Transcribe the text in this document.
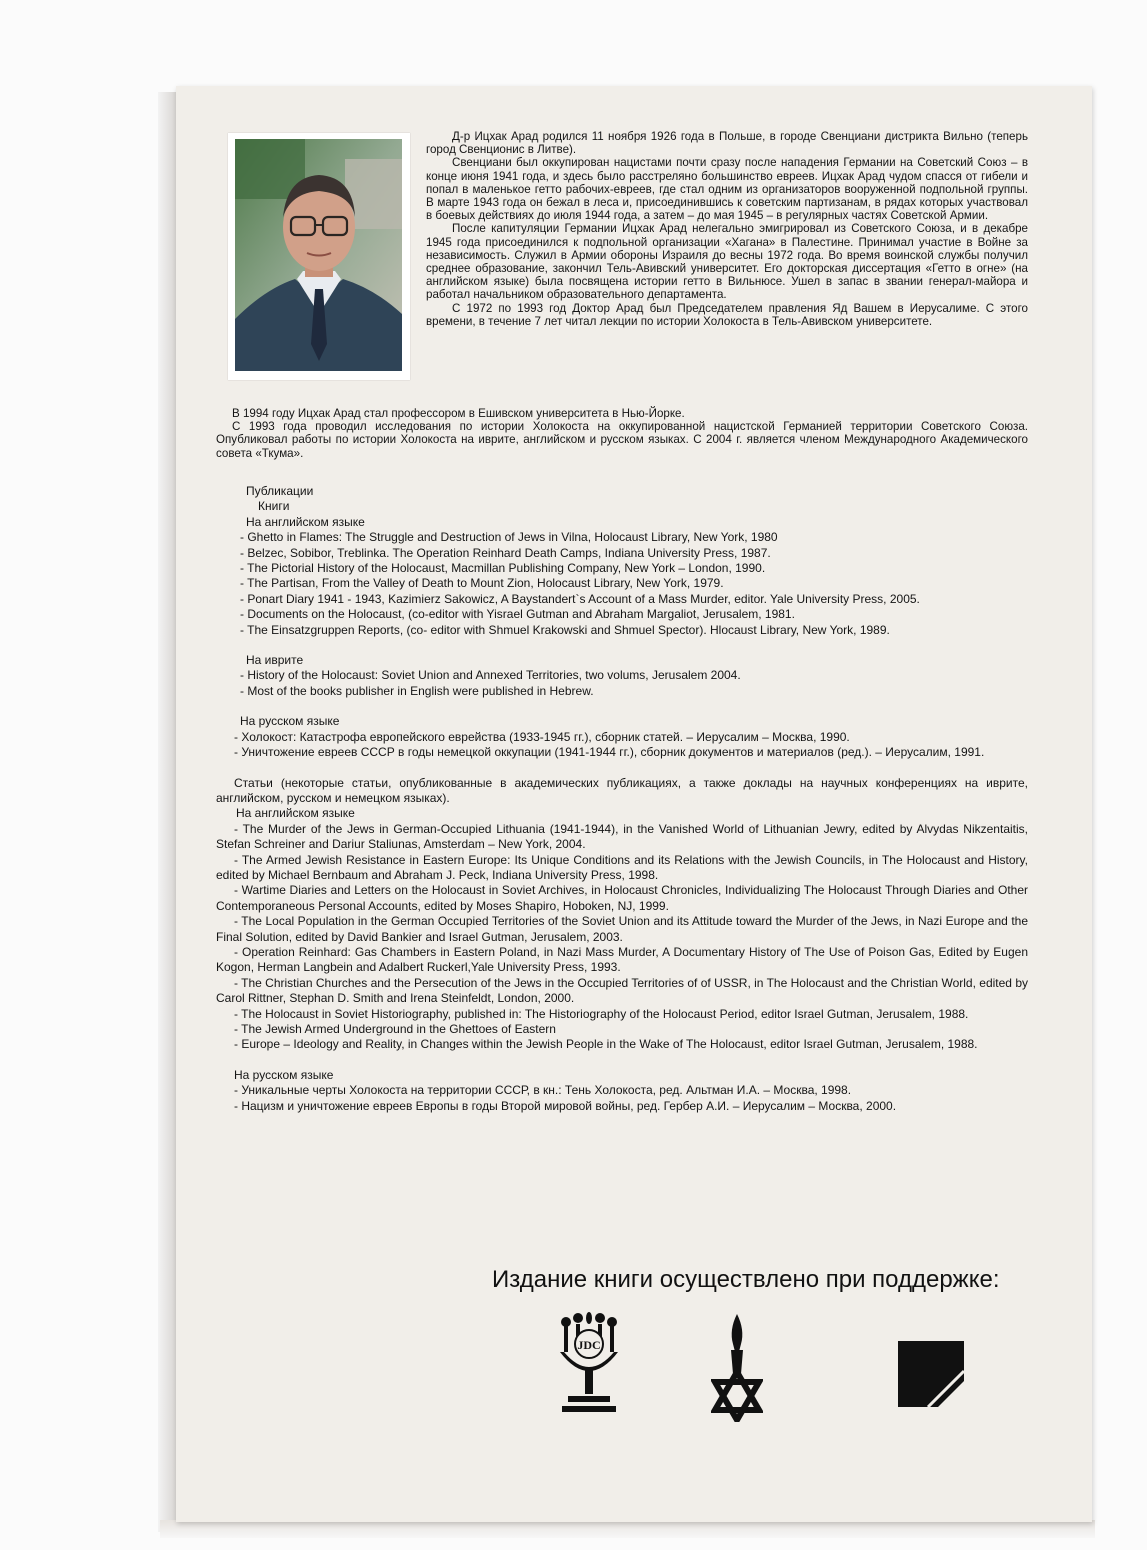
Д-р Ицхак Арад родился 11 ноября 1926 года в Польше, в городе Свенциани дистрикта Вильно (теперь город Свенционис в Литве).

Свенциани был оккупирован нацистами почти сразу после нападения Германии на Советский Союз – в конце июня 1941 года, и здесь было расстреляно большинство евреев. Ицхак Арад чудом спасся от гибели и попал в маленькое гетто рабочих-евреев, где стал одним из организаторов вооруженной подпольной группы. В марте 1943 года он бежал в леса и, присоединившись к советским партизанам, в рядах которых участвовал в боевых действиях до июля 1944 года, а затем – до мая 1945 – в регулярных частях Советской Армии.

После капитуляции Германии Ицхак Арад нелегально эмигрировал из Советского Союза, и в декабре 1945 года присоединился к подпольной организации «Хагана» в Палестине. Принимал участие в Войне за независимость. Служил в Армии обороны Израиля до весны 1972 года. Во время воинской службы получил среднее образование, закончил Тель-Авивский университет. Его докторская диссертация «Гетто в огне» (на английском языке) была посвящена истории гетто в Вильнюсе. Ушел в запас в звании генерал-майора и работал начальником образовательного департамента.

С 1972 по 1993 год Доктор Арад был Председателем правления Яд Вашем в Иерусалиме. С этого времени, в течение 7 лет читал лекции по истории Холокоста в Тель-Авивском университете.

В 1994 году Ицхак Арад стал профессором в Ешивском университета в Нью-Йорке.

С 1993 года проводил исследования по истории Холокоста на оккупированной нацистской Германией территории Советского Союза. Опубликовал работы по истории Холокоста на иврите, английском и русском языках. С 2004 г. является членом Международного Академического совета «Ткума».

Публикации
Книги
На английском языке
- Ghetto in Flames: The Struggle and Destruction of Jews in Vilna, Holocaust Library, New York, 1980
- Belzec, Sobibor, Treblinka. The Operation Reinhard Death Camps, Indiana University Press, 1987.
- The Pictorial History of the Holocaust, Macmillan Publishing Company, New York – London, 1990.
- The Partisan, From the Valley of Death to Mount Zion, Holocaust Library, New York, 1979.
- Ponart Diary 1941 - 1943, Kazimierz Sakowicz, A Baystandert`s Account of a Mass Murder, editor. Yale University Press, 2005.
- Documents on the Holocaust, (co-editor with Yisrael Gutman and Abraham Margaliot, Jerusalem, 1981.
- The Einsatzgruppen Reports, (co- editor with Shmuel Krakowski and Shmuel Spector). Hlocaust Library, New York, 1989.
На иврите
- History of the Holocaust: Soviet Union and Annexed Territories, two volums, Jerusalem 2004.
- Most of the books publisher in English were published in Hebrew.
На русском языке
- Холокост: Катастрофа европейского еврейства (1933-1945 гг.), сборник статей. – Иерусалим – Москва, 1990.
- Уничтожение евреев СССР в годы немецкой оккупации (1941-1944 гг.), сборник документов и материалов (ред.). – Иерусалим, 1991.
Статьи (некоторые статьи, опубликованные в академических публикациях, а также доклады на научных конференциях на иврите, английском, русском и немецком языках).
На английском языке
- The Murder of the Jews in German-Occupied Lithuania (1941-1944), in the Vanished World of Lithuanian Jewry, edited by Alvydas Nikzentaitis, Stefan Schreiner and Dariur Staliunas, Amsterdam – New York, 2004.
- The Armed Jewish Resistance in Eastern Europe: Its Unique Conditions and its Relations with the Jewish Councils, in The Holocaust and History, edited by Michael Bernbaum and Abraham J. Peck, Indiana University Press, 1998.
- Wartime Diaries and Letters on the Holocaust in Soviet Archives, in Holocaust Chronicles, Individualizing The Holocaust Through Diaries and Other Contemporaneous Personal Accounts, edited by Moses Shapiro, Hoboken, NJ, 1999.
- The Local Population in the German Occupied Territories of the Soviet Union and its Attitude toward the Murder of the Jews, in Nazi Europe and the Final Solution, edited by David Bankier and Israel Gutman, Jerusalem, 2003.
- Operation Reinhard: Gas Chambers in Eastern Poland, in Nazi Mass Murder, A Documentary History of The Use of Poison Gas, Edited by Eugen Kogon, Herman Langbein and Adalbert Ruckerl,Yale University Press, 1993.
- The Christian Churches and the Persecution of the Jews in the Occupied Territories of of USSR, in The Holocaust and the Christian World, edited by Carol Rittner, Stephan D. Smith and Irena Steinfeldt, London, 2000.
- The Holocaust in Soviet Historiography, published in: The Historiography of the Holocaust Period, editor Israel Gutman, Jerusalem, 1988.
- The Jewish Armed Underground in the Ghettoes of Eastern
- Europe – Ideology and Reality, in Changes within the Jewish People in the Wake of The Holocaust, editor Israel Gutman, Jerusalem, 1988.
На русском языке
- Уникальные черты Холокоста на территории СССР, в кн.: Тень Холокоста, ред. Альтман И.А. – Москва, 1998.
- Нацизм и уничтожение евреев Европы в годы Второй мировой войны, ред. Гербер А.И. – Иерусалим – Москва, 2000.
Издание книги осуществлено при поддержке:
JDC
